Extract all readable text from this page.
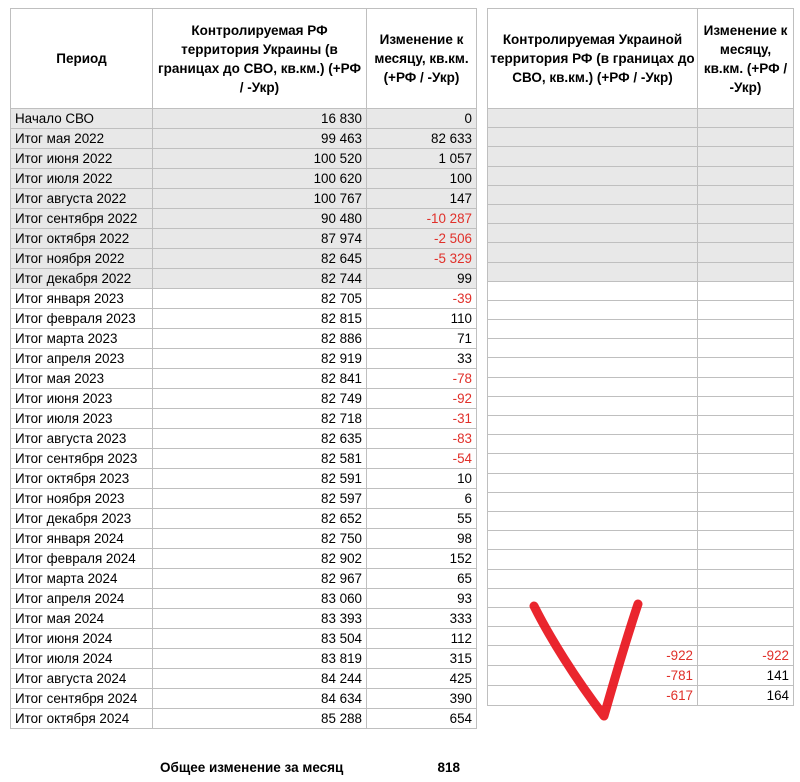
Период	Контролируемая РФ территория Украины (в границах до СВО, кв.км.) (+РФ / -Укр)	Изменение к месяцу, кв.км. (+РФ / -Укр)
Начало СВО	16 830	0
Итог мая 2022	99 463	82 633
Итог июня 2022	100 520	1 057
Итог июля 2022	100 620	100
Итог августа 2022	100 767	147
Итог сентября 2022	90 480	-10 287
Итог октября 2022	87 974	-2 506
Итог ноября 2022	82 645	-5 329
Итог декабря 2022	82 744	99
Итог января 2023	82 705	-39
Итог февраля 2023	82 815	110
Итог марта 2023	82 886	71
Итог апреля 2023	82 919	33
Итог мая 2023	82 841	-78
Итог июня 2023	82 749	-92
Итог июля 2023	82 718	-31
Итог августа 2023	82 635	-83
Итог сентября 2023	82 581	-54
Итог октября 2023	82 591	10
Итог ноября 2023	82 597	6
Итог декабря 2023	82 652	55
Итог января 2024	82 750	98
Итог февраля 2024	82 902	152
Итог марта 2024	82 967	65
Итог апреля 2024	83 060	93
Итог мая 2024	83 393	333
Итог июня 2024	83 504	112
Итог июля 2024	83 819	315
Итог августа 2024	84 244	425
Итог сентября 2024	84 634	390
Итог октября 2024	85 288	654
Контролируемая Украиной территория РФ (в границах до СВО, кв.км.) (+РФ / -Укр)	Изменение к месяцу, кв.км. (+РФ / -Укр)

-922	-922
-781	141
-617	164
Общее изменение за месяц	818
